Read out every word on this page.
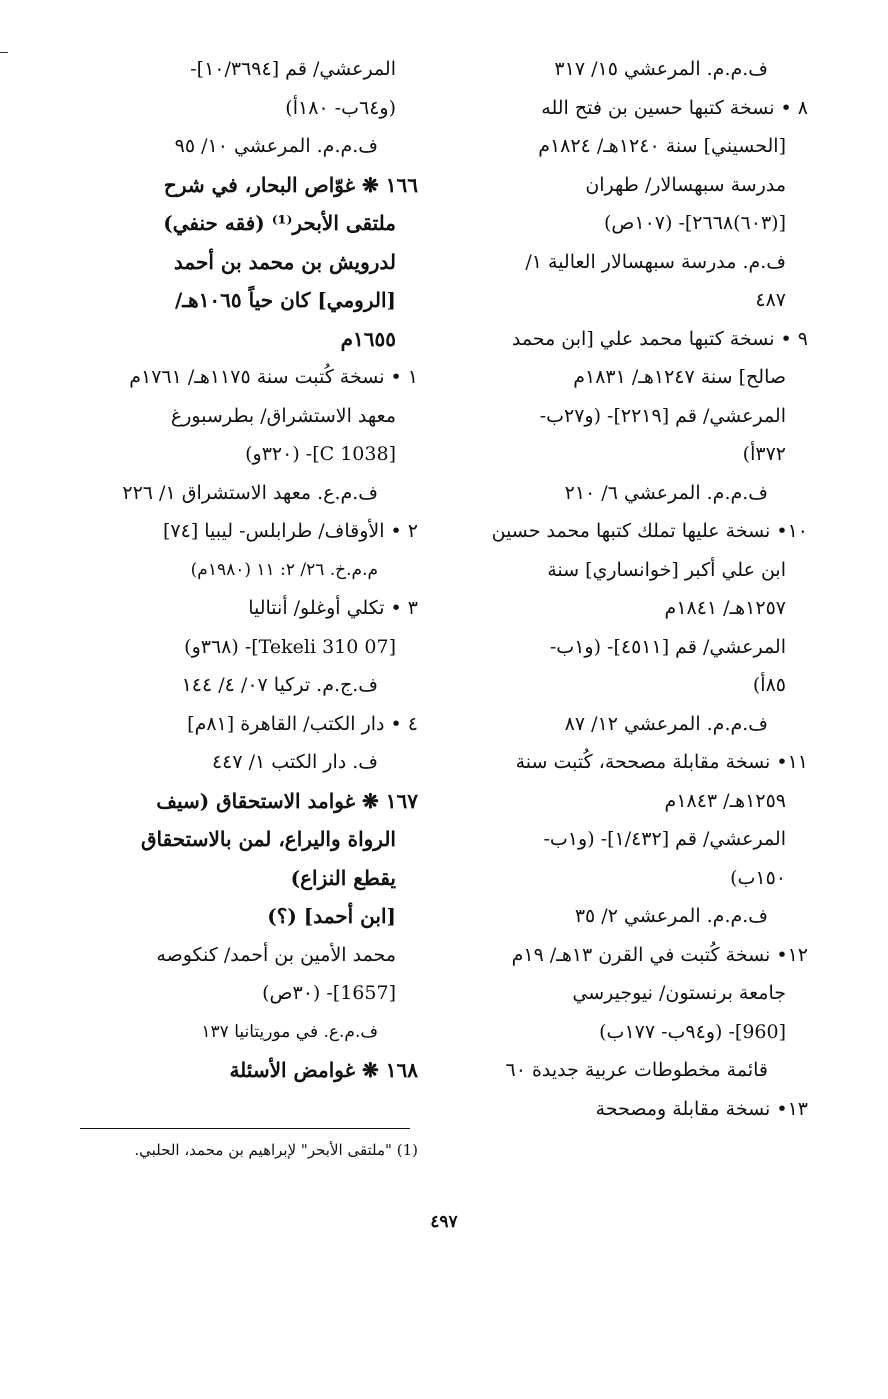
ف.م.م. المرعشي ١٥/ ٣١٧
٨ • نسخة كتبها حسين بن فتح الله
[الحسيني] سنة ١٢٤٠هـ/ ١٨٢٤م
مدرسة سبهسالار/ طهران
[(٦٠٣)٢٦٦٨]- (١٠٧ص)
ف.م. مدرسة سبهسالار العالية ١/
٤٨٧
٩ • نسخة كتبها محمد علي [ابن محمد
صالح] سنة ١٢٤٧هـ/ ١٨٣١م
المرعشي/ قم [٢٢١٩]- (و٢٧ب-
٣٧٢أ)
ف.م.م. المرعشي ٦/ ٢١٠
١٠• نسخة عليها تملك كتبها محمد حسين
ابن علي أكبر [خوانساري] سنة
١٢٥٧هـ/ ١٨٤١م
المرعشي/ قم [٤٥١١]- (و١ب-
٨٥أ)
ف.م.م. المرعشي ١٢/ ٨٧
١١• نسخة مقابلة مصححة، كُتبت سنة
١٢٥٩هـ/ ١٨٤٣م
المرعشي/ قم [١/٤٣٢]- (و١ب-
١٥٠ب)
ف.م.م. المرعشي ٢/ ٣٥
١٢• نسخة كُتبت في القرن ١٣هـ/ ١٩م
جامعة برنستون/ نيوجيرسي
[960]- (و٩٤ب- ١٧٧ب)
قائمة مخطوطات عربية جديدة ٦٠
١٣• نسخة مقابلة ومصححة
المرعشي/ قم [١٠/٣٦٩٤]-
(و٦٤ب- ١٨٠أ)
ف.م.م. المرعشي ١٠/ ٩٥
١٦٦ ❋ غوّاص البحار، في شرح
ملتقى الأبحر⁽¹⁾ (فقه حنفي)
لدرويش بن محمد بن أحمد
[الرومي] كان حياً ١٠٦٥هـ/
١٦٥٥م
١ • نسخة كُتبت سنة ١١٧٥هـ/ ١٧٦١م
معهد الاستشراق/ بطرسبورغ
[C 1038]- (٣٢٠و)
ف.م.ع. معهد الاستشراق ١/ ٢٢٦
٢ • الأوقاف/ طرابلس- ليبيا [٧٤]
م.م.خ. ٢٦/ ٢: ١١ (١٩٨٠م)
٣ • تكلي أوغلو/ أنتاليا
[07 Tekeli 310]- (٣٦٨و)
ف.ج.م. تركيا ٠٧/ ٤/ ١٤٤
٤ • دار الكتب/ القاهرة [٨١م]
ف. دار الكتب ١/ ٤٤٧
١٦٧ ❋ غوامد الاستحقاق (سيف
الرواة واليراع، لمن بالاستحقاق
يقطع النزاع)
[ابن أحمد] (؟)
محمد الأمين بن أحمد/ كنكوصه
[1657]- (٣٠ص)
ف.م.ع. في موريتانيا ١٣٧
١٦٨ ❋ غوامض الأسئلة
(1) "ملتقى الأبحر" لإبراهيم بن محمد، الحلبي.
٤٩٧
